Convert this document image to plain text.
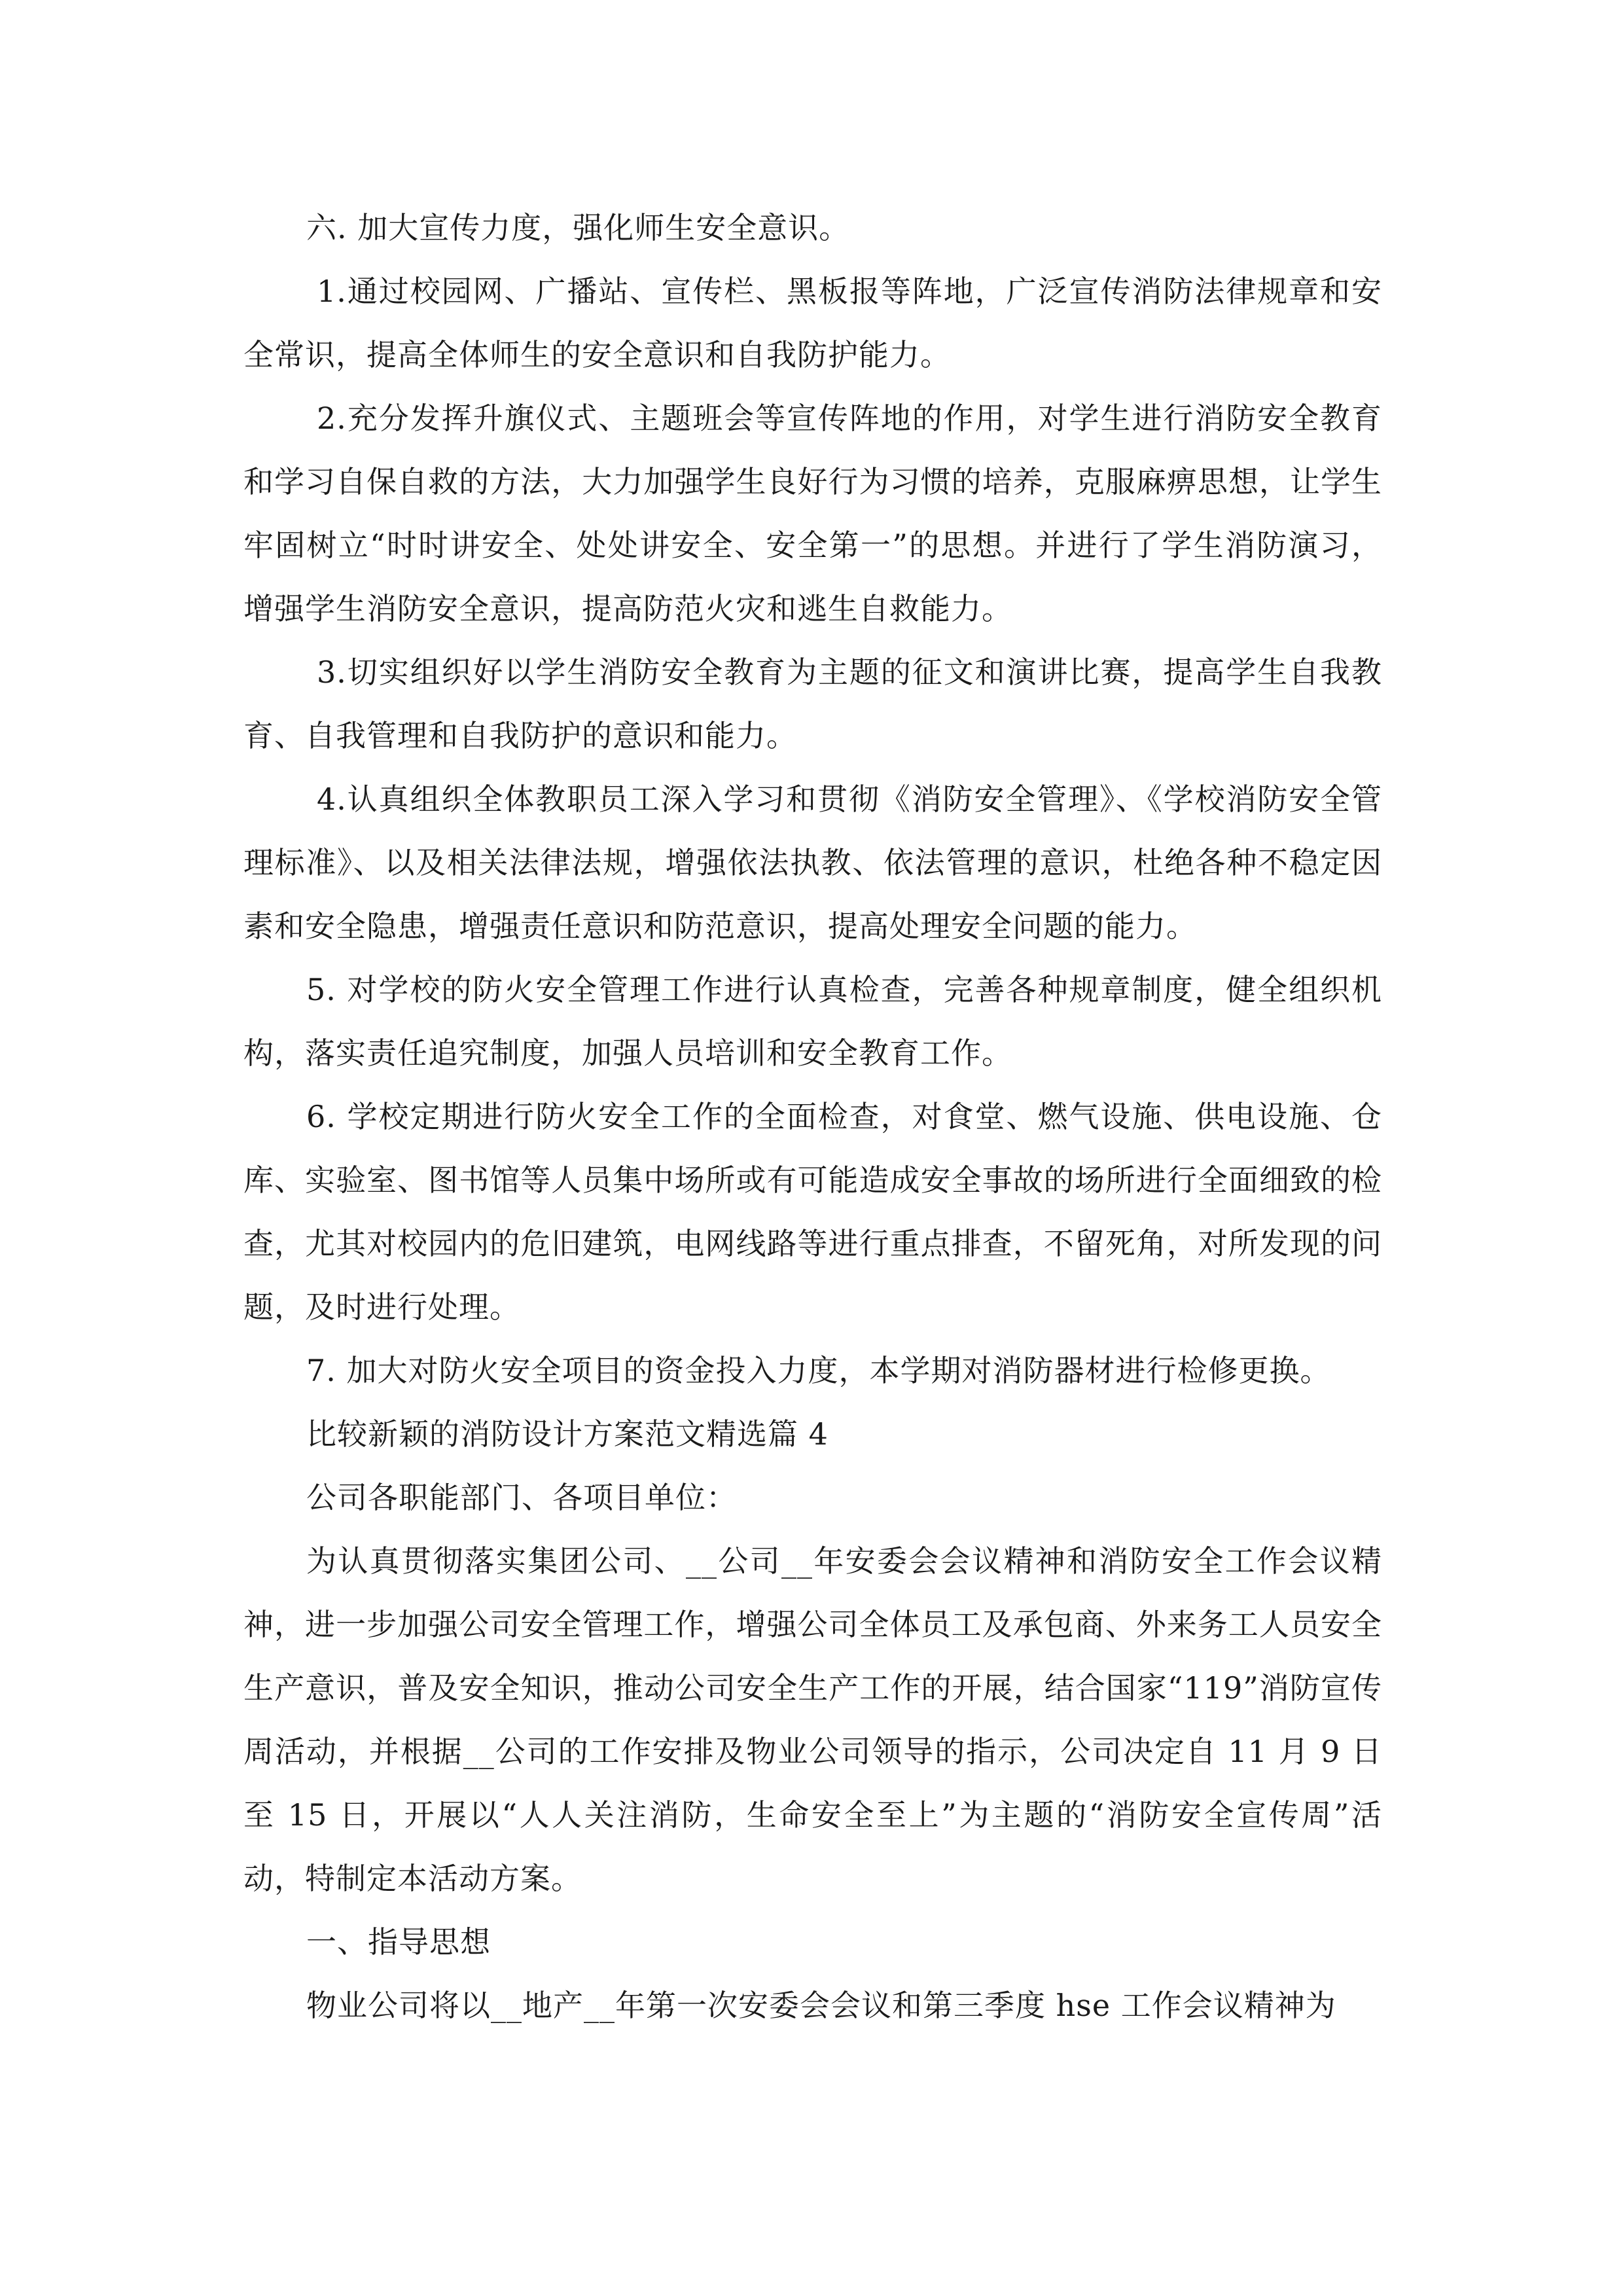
六. 加大宣传力度，强化师生安全意识。

1.通过校园网、广播站、宣传栏、黑板报等阵地，广泛宣传消防法律规章和安全常识，提高全体师生的安全意识和自我防护能力。

2.充分发挥升旗仪式、主题班会等宣传阵地的作用，对学生进行消防安全教育和学习自保自救的方法，大力加强学生良好行为习惯的培养，克服麻痹思想，让学生牢固树立“时时讲安全、处处讲安全、安全第一”的思想。并进行了学生消防演习，增强学生消防安全意识，提高防范火灾和逃生自救能力。

3.切实组织好以学生消防安全教育为主题的征文和演讲比赛，提高学生自我教育、自我管理和自我防护的意识和能力。

4.认真组织全体教职员工深入学习和贯彻《消防安全管理》、《学校消防安全管理标准》、以及相关法律法规，增强依法执教、依法管理的意识，杜绝各种不稳定因素和安全隐患，增强责任意识和防范意识，提高处理安全问题的能力。

5. 对学校的防火安全管理工作进行认真检查，完善各种规章制度，健全组织机构，落实责任追究制度，加强人员培训和安全教育工作。

6. 学校定期进行防火安全工作的全面检查，对食堂、燃气设施、供电设施、仓库、实验室、图书馆等人员集中场所或有可能造成安全事故的场所进行全面细致的检查，尤其对校园内的危旧建筑，电网线路等进行重点排查，不留死角，对所发现的问题，及时进行处理。

7. 加大对防火安全项目的资金投入力度，本学期对消防器材进行检修更换。

比较新颖的消防设计方案范文精选篇 4

公司各职能部门、各项目单位：

为认真贯彻落实集团公司、__公司__年安委会会议精神和消防安全工作会议精神，进一步加强公司安全管理工作，增强公司全体员工及承包商、外来务工人员安全生产意识，普及安全知识，推动公司安全生产工作的开展，结合国家“119”消防宣传周活动，并根据__公司的工作安排及物业公司领导的指示，公司决定自 11 月 9 日至 15 日，开展以“人人关注消防，生命安全至上”为主题的“消防安全宣传周”活动，特制定本活动方案。

一、指导思想

物业公司将以__地产__年第一次安委会会议和第三季度 hse 工作会议精神为
